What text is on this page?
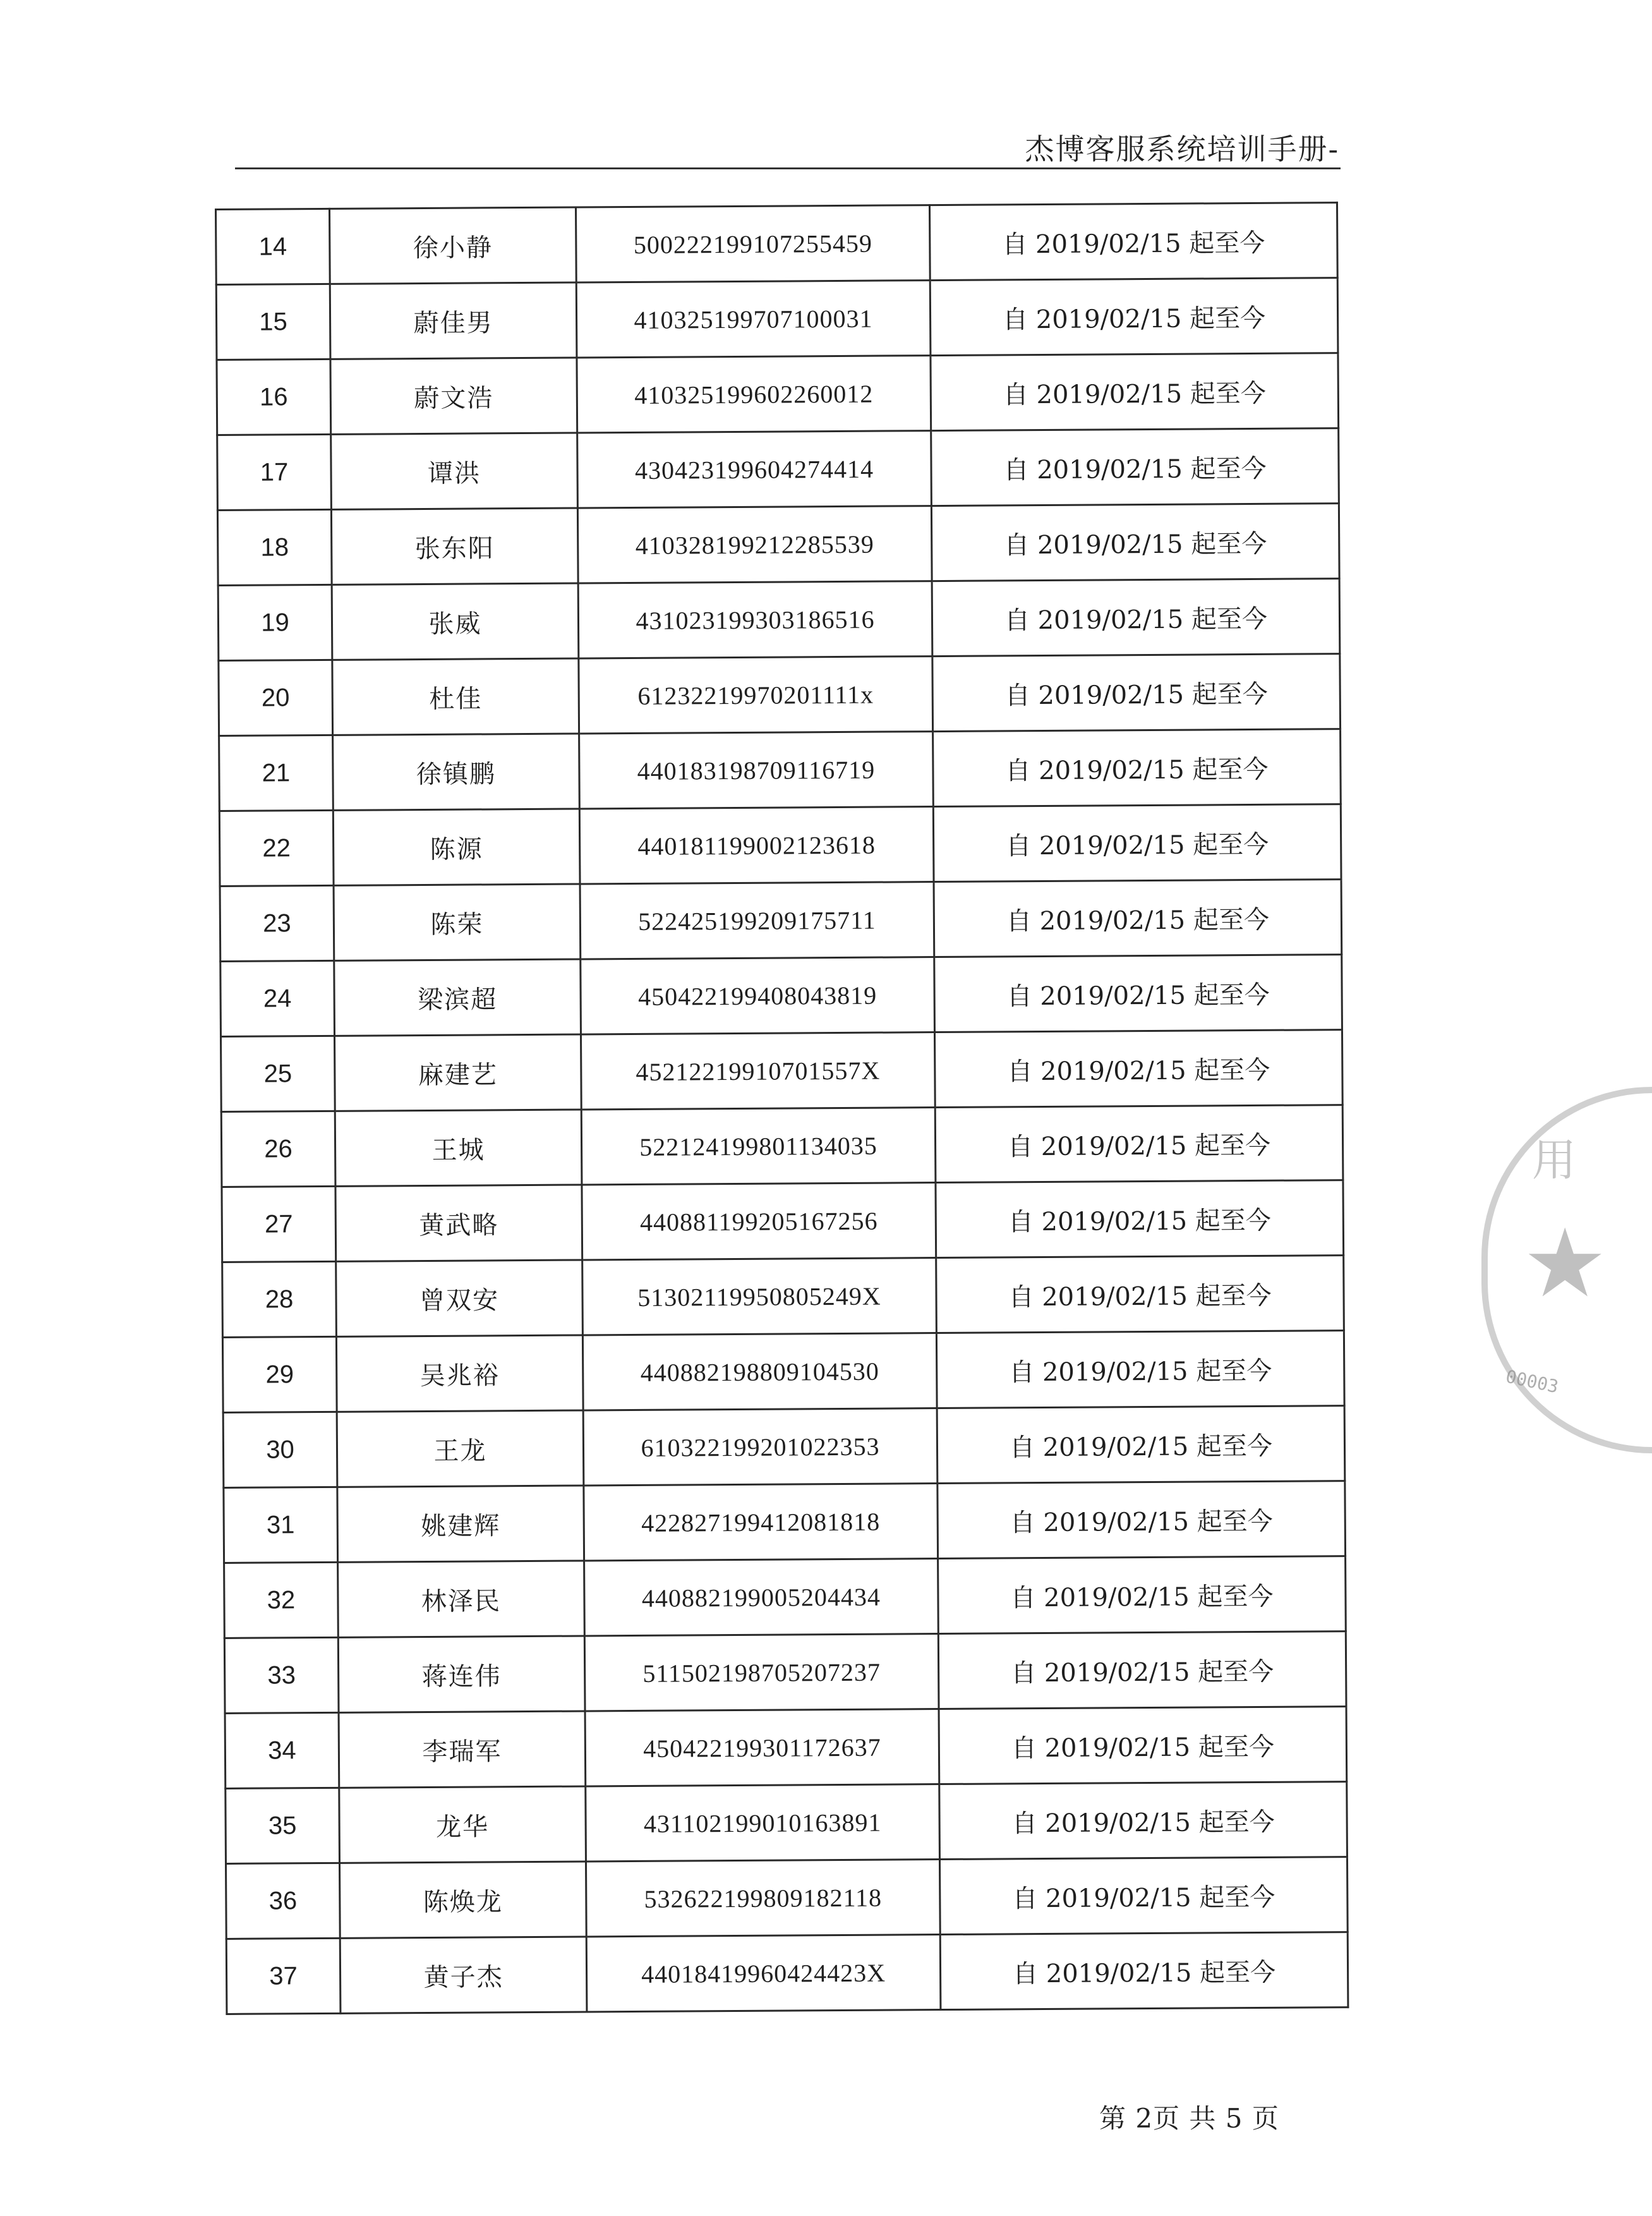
杰博客服系统培训手册-
14	徐小静	500222199107255459	自 2019/02/15 起至今
15	蔚佳男	410325199707100031	自 2019/02/15 起至今
16	蔚文浩	410325199602260012	自 2019/02/15 起至今
17	谭洪	430423199604274414	自 2019/02/15 起至今
18	张东阳	410328199212285539	自 2019/02/15 起至今
19	张威	431023199303186516	自 2019/02/15 起至今
20	杜佳	61232219970201111x	自 2019/02/15 起至今
21	徐镇鹏	440183198709116719	自 2019/02/15 起至今
22	陈源	440181199002123618	自 2019/02/15 起至今
23	陈荣	522425199209175711	自 2019/02/15 起至今
24	梁滨超	450422199408043819	自 2019/02/15 起至今
25	麻建艺	45212219910701557X	自 2019/02/15 起至今
26	王城	522124199801134035	自 2019/02/15 起至今
27	黄武略	440881199205167256	自 2019/02/15 起至今
28	曾双安	51302119950805249X	自 2019/02/15 起至今
29	吴兆裕	440882198809104530	自 2019/02/15 起至今
30	王龙	610322199201022353	自 2019/02/15 起至今
31	姚建辉	422827199412081818	自 2019/02/15 起至今
32	林泽民	440882199005204434	自 2019/02/15 起至今
33	蒋连伟	511502198705207237	自 2019/02/15 起至今
34	李瑞军	450422199301172637	自 2019/02/15 起至今
35	龙华	431102199010163891	自 2019/02/15 起至今
36	陈焕龙	532622199809182118	自 2019/02/15 起至今
37	黄子杰	44018419960424423X	自 2019/02/15 起至今
用
★
00003
第 2页 共 5 页
